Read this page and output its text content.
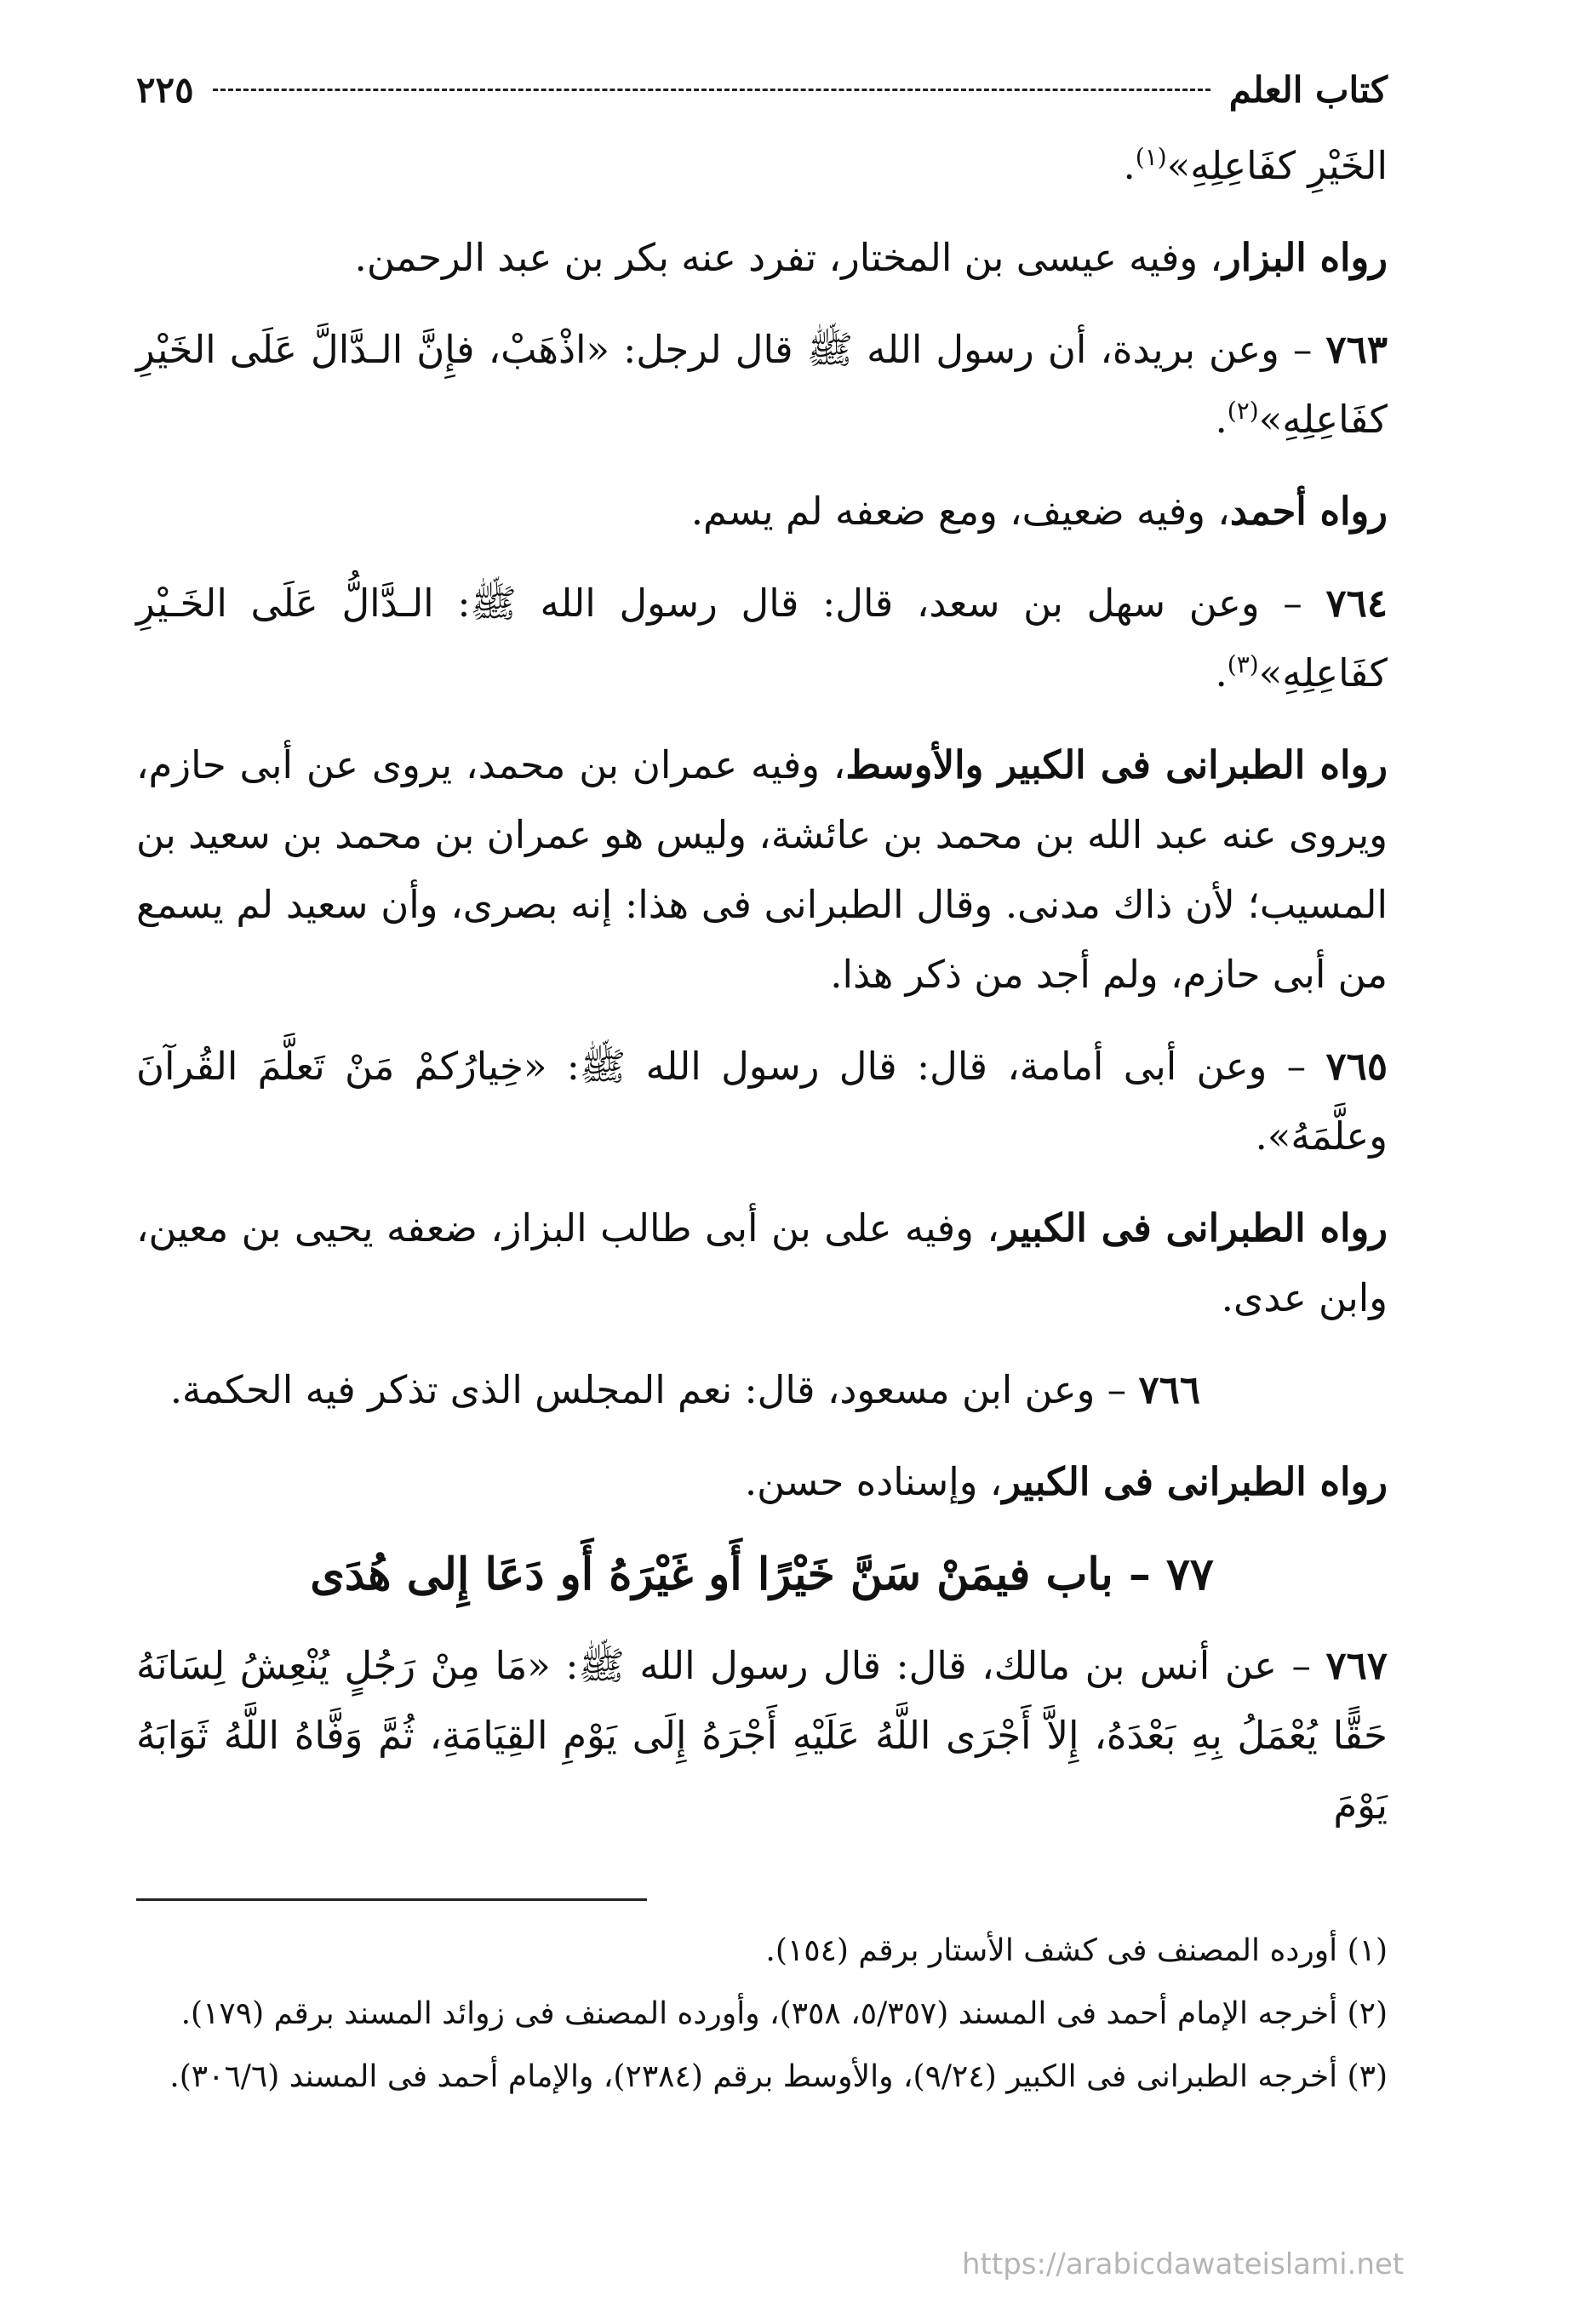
كتاب العلم
٢٢٥

الخَيْرِ كفَاعِلِهِ»$^{(١)}$.

رواه البزار، وفيه عيسى بن المختار، تفرد عنه بكر بن عبد الرحمن.

٧٦٣ – وعن بريدة، أن رسول الله ﷺ قال لرجل: «اذْهَبْ، فإِنَّ الـدَّالَّ عَلَى الخَيْرِ كفَاعِلِهِ»$^{(٢)}$.

رواه أحمد، وفيه ضعيف، ومع ضعفه لم يسم.

٧٦٤ – وعن سهل بن سعد، قال: قال رسول الله ﷺ: الـدَّالُّ عَلَى الخَـيْرِ كفَاعِلِهِ»$^{(٣)}$.

رواه الطبرانى فى الكبير والأوسط، وفيه عمران بن محمد، يروى عن أبى حازم، ويروى عنه عبد الله بن محمد بن عائشة، وليس هو عمران بن محمد بن سعيد بن المسيب؛ لأن ذاك مدنى. وقال الطبرانى فى هذا: إنه بصرى، وأن سعيد لم يسمع من أبى حازم، ولم أجد من ذكر هذا.

٧٦٥ – وعن أبى أمامة، قال: قال رسول الله ﷺ: «خِيارُكمْ مَنْ تَعلَّمَ القُرآنَ وعلَّمَهُ».

رواه الطبرانى فى الكبير، وفيه على بن أبى طالب البزاز، ضعفه يحيى بن معين، وابن عدى.

٧٦٦ – وعن ابن مسعود، قال: نعم المجلس الذى تذكر فيه الحكمة.

رواه الطبرانى فى الكبير، وإسناده حسن.

٧٧ – باب فيمَنْ سَنَّ خَيْرًا أَو غَيْرَهُ أَو دَعَا إِلى هُدَى

٧٦٧ – عن أنس بن مالك، قال: قال رسول الله ﷺ: «مَا مِنْ رَجُلٍ يُنْعِشُ لِسَانَهُ حَقًّا يُعْمَلُ بِهِ بَعْدَهُ، إِلاَّ أَجْرَى اللَّهُ عَلَيْهِ أَجْرَهُ إِلَى يَوْمِ القِيَامَةِ، ثُمَّ وَفَّاهُ اللَّهُ ثَوَابَهُ يَوْمَ

(١) أورده المصنف فى كشف الأستار برقم (١٥٤).

(٢) أخرجه الإمام أحمد فى المسند (٥/٣٥٧، ٣٥٨)، وأورده المصنف فى زوائد المسند برقم (١٧٩).

(٣) أخرجه الطبرانى فى الكبير (٩/٢٤)، والأوسط برقم (٢٣٨٤)، والإمام أحمد فى المسند (٣٠٦/٦).

https://arabicdawateislami.net
